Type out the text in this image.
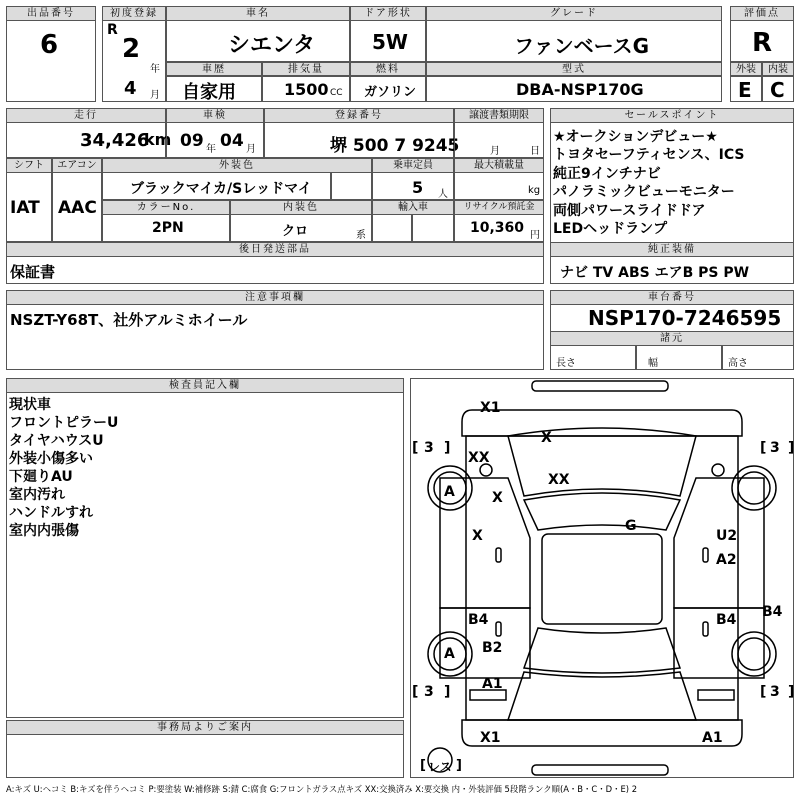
出品番号
6
初度登録
R
2
年
4 月
車名
シエンタ
ドア形状
5W
グレード
ファンベースG
評価点
R
車歴
自家用
排気量
1500 CC
燃料
ガソリン
型式
DBA-NSP170G
外装
E
内装
C
走行
34,426
km
車検
09 年 04 月
登録番号
堺 500 7 9245
譲渡書類期限
月	日
セールスポイント
★オークションデビュー★
トヨタセーフティセンス、ICS
純正9インチナビ
パノラミックビューモニター
両側パワースライドドア
LEDヘッドランプ
シフト
IAT
エアコン
AAC
外装色
ブラックマイカ/Sレッドマイ
乗車定員
5 人
最大積載量
kg
カラーNo.
2PN
内装色
クロ	系
輸入車	リサイクル預託金
10,360 円
後日発送部品
保証書
純正装備
ナビ TV ABS エアB PS PW
注意事項欄
NSZT-Y68T、社外アルミホイール
車台番号
NSP170-7246595
諸元
長さ	幅	高さ
検査員記入欄
現状車
フロントピラーU
タイヤハウスU
外装小傷多い
下廻りAU
室内汚れ
ハンドルすれ
室内内張傷
事務局よりご案内
X1
X
XX
A	X
XX
X
G
U2
A2
B4	B4 B4
B2
A
A1
X1	A1
[ 3 ]	[ 3 ]
[ 3 ]	[ 3 ]
[ レス ]
A:キズ U:ヘコミ B:キズを伴うヘコミ P:要塗装 W:補修跡 S:錆 C:腐食 G:フロントガラス点キズ XX:交換済み X:要交換 内・外装評価 5段階ランク順(A・B・C・D・E) 2
